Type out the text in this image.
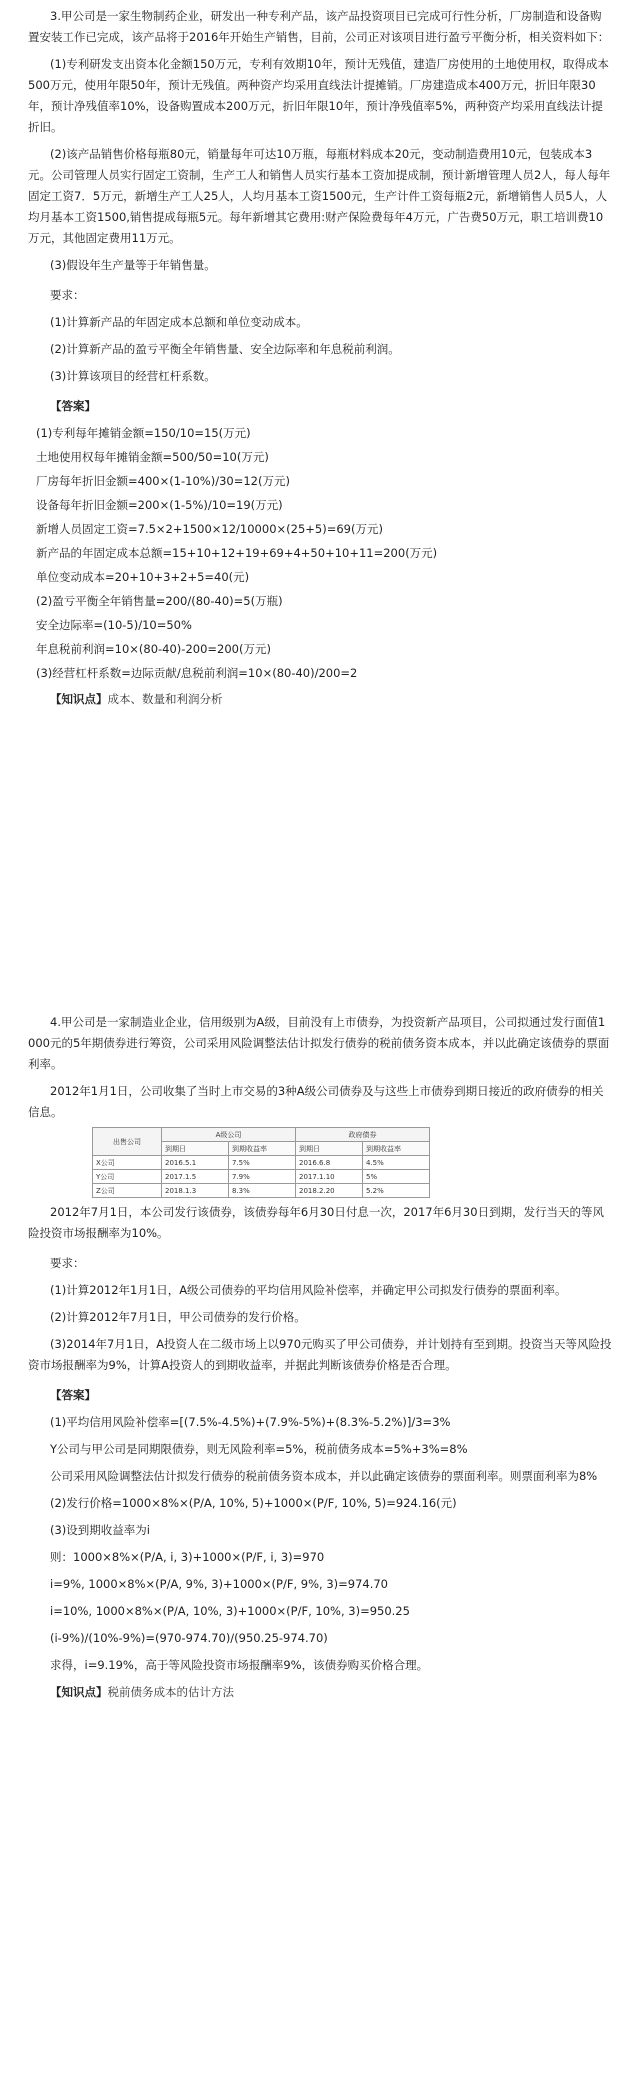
3.甲公司是一家生物制药企业，研发出一种专利产品，该产品投资项目已完成可行性分析，厂房制造和设备购置安装工作已完成，该产品将于2016年开始生产销售，目前，公司正对该项目进行盈亏平衡分析，相关资料如下：

(1)专利研发支出资本化金额150万元，专利有效期10年，预计无残值，建造厂房使用的土地使用权，取得成本500万元，使用年限50年，预计无残值。两种资产均采用直线法计提摊销。厂房建造成本400万元，折旧年限30年，预计净残值率10%，设备购置成本200万元，折旧年限10年，预计净残值率5%，两种资产均采用直线法计提折旧。

(2)该产品销售价格每瓶80元，销量每年可达10万瓶，每瓶材料成本20元，变动制造费用10元，包装成本3元。公司管理人员实行固定工资制，生产工人和销售人员实行基本工资加提成制，预计新增管理人员2人，每人每年固定工资7．5万元，新增生产工人25人，人均月基本工资1500元，生产计件工资每瓶2元，新增销售人员5人，人均月基本工资1500,销售提成每瓶5元。每年新增其它费用:财产保险费每年4万元，广告费50万元，职工培训费10万元，其他固定费用11万元。

(3)假设年生产量等于年销售量。

要求：

(1)计算新产品的年固定成本总额和单位变动成本。

(2)计算新产品的盈亏平衡全年销售量、安全边际率和年息税前利润。

(3)计算该项目的经营杠杆系数。

【答案】

(1)专利每年摊销金额=150/10=15(万元)

土地使用权每年摊销金额=500/50=10(万元)

厂房每年折旧金额=400×(1-10%)/30=12(万元)

设备每年折旧金额=200×(1-5%)/10=19(万元)

新增人员固定工资=7.5×2+1500×12/10000×(25+5)=69(万元)

新产品的年固定成本总额=15+10+12+19+69+4+50+10+11=200(万元)

单位变动成本=20+10+3+2+5=40(元)

(2)盈亏平衡全年销售量=200/(80-40)=5(万瓶)

安全边际率=(10-5)/10=50%

年息税前利润=10×(80-40)-200=200(万元)

(3)经营杠杆系数=边际贡献/息税前利润=10×(80-40)/200=2

【知识点】成本、数量和利润分析

4.甲公司是一家制造业企业，信用级别为A级，目前没有上市债券，为投资新产品项目，公司拟通过发行面值1000元的5年期债券进行筹资，公司采用风险调整法估计拟发行债券的税前债务资本成本，并以此确定该债券的票面利率。

2012年1月1日，公司收集了当时上市交易的3种A级公司债券及与这些上市债券到期日接近的政府债券的相关信息。

出售公司	A级公司		政府债券	
	到期日	到期收益率	到期日	到期收益率
X公司	2016.5.1	7.5%	2016.6.8	4.5%
Y公司	2017.1.5	7.9%	2017.1.10	5%
Z公司	2018.1.3	8.3%	2018.2.20	5.2%

2012年7月1日，本公司发行该债券，该债券每年6月30日付息一次，2017年6月30日到期，发行当天的等风险投资市场报酬率为10%。

要求：

(1)计算2012年1月1日，A级公司债券的平均信用风险补偿率，并确定甲公司拟发行债券的票面利率。

(2)计算2012年7月1日，甲公司债券的发行价格。

(3)2014年7月1日，A投资人在二级市场上以970元购买了甲公司债券，并计划持有至到期。投资当天等风险投资市场报酬率为9%，计算A投资人的到期收益率，并据此判断该债券价格是否合理。

【答案】

(1)平均信用风险补偿率=[(7.5%-4.5%)+(7.9%-5%)+(8.3%-5.2%)]/3=3%

Y公司与甲公司是同期限债券，则无风险利率=5%，税前债务成本=5%+3%=8%

公司采用风险调整法估计拟发行债券的税前债务资本成本，并以此确定该债券的票面利率。则票面利率为8%

(2)发行价格=1000×8%×(P/A, 10%, 5)+1000×(P/F, 10%, 5)=924.16(元)

(3)设到期收益率为i

则：1000×8%×(P/A, i, 3)+1000×(P/F, i, 3)=970

i=9%, 1000×8%×(P/A, 9%, 3)+1000×(P/F, 9%, 3)=974.70

i=10%, 1000×8%×(P/A, 10%, 3)+1000×(P/F, 10%, 3)=950.25

(i-9%)/(10%-9%)=(970-974.70)/(950.25-974.70)

求得，i=9.19%，高于等风险投资市场报酬率9%，该债券购买价格合理。

【知识点】税前债务成本的估计方法
